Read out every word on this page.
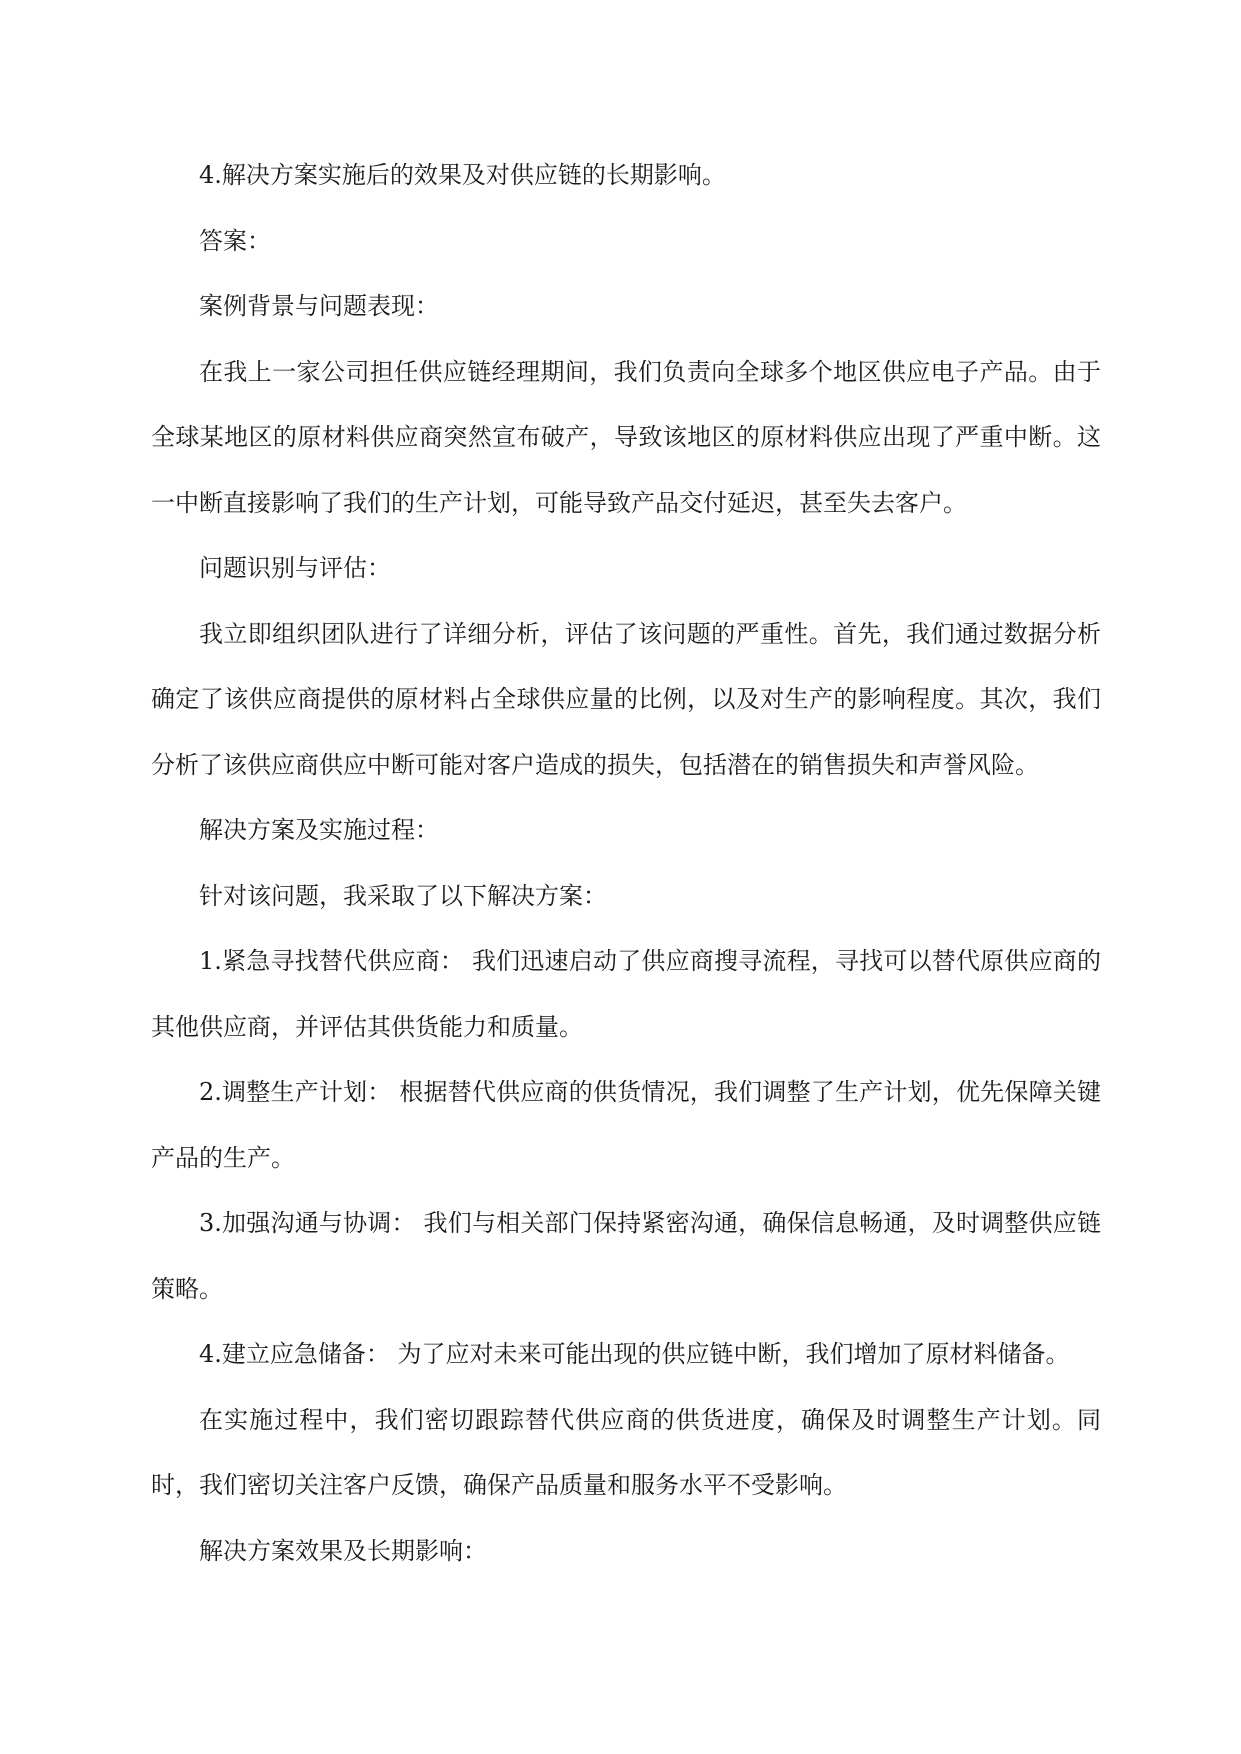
4.解决方案实施后的效果及对供应链的长期影响。

答案：

案例背景与问题表现：

在我上一家公司担任供应链经理期间，我们负责向全球多个地区供应电子产品。由于全球某地区的原材料供应商突然宣布破产，导致该地区的原材料供应出现了严重中断。这一中断直接影响了我们的生产计划，可能导致产品交付延迟，甚至失去客户。

问题识别与评估：

我立即组织团队进行了详细分析，评估了该问题的严重性。首先，我们通过数据分析确定了该供应商提供的原材料占全球供应量的比例，以及对生产的影响程度。其次，我们分析了该供应商供应中断可能对客户造成的损失，包括潜在的销售损失和声誉风险。

解决方案及实施过程：

针对该问题，我采取了以下解决方案：

1.紧急寻找替代供应商： 我们迅速启动了供应商搜寻流程，寻找可以替代原供应商的其他供应商，并评估其供货能力和质量。

2.调整生产计划： 根据替代供应商的供货情况，我们调整了生产计划，优先保障关键产品的生产。

3.加强沟通与协调： 我们与相关部门保持紧密沟通，确保信息畅通，及时调整供应链策略。

4.建立应急储备： 为了应对未来可能出现的供应链中断，我们增加了原材料储备。

在实施过程中，我们密切跟踪替代供应商的供货进度，确保及时调整生产计划。同时，我们密切关注客户反馈，确保产品质量和服务水平不受影响。

解决方案效果及长期影响：
